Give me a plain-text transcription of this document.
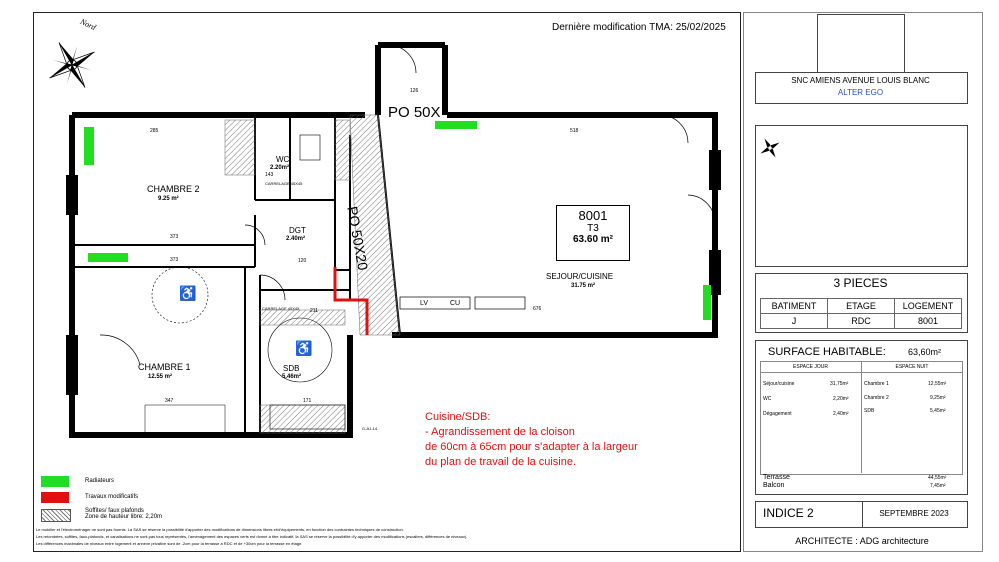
Dernière modification TMA: 25/02/2025
Nord
285
373
373
347
143
120
126
518
676
171
211
CHAMBRE 2
9.25 m²
WC
2.20m²
DGT
2.40m²
SEJOUR/CUISINE
31.75 m²
CHAMBRE 1
12.55 m²
SDB
5.46m²
♿
♿
8001
T3
63.60 m²
PO 50X
PO 50X20
LV	CU
G-A1-14
CARRELAGE 45X45
CARRELAGE 45X45
Cuisine/SDB:
- Agrandissement de la cloison
de 60cm à 65cm pour s’adapter à la largeur
du plan de travail de la cuisine.
Radiateurs
Travaux modificatifs
Soffites/ faux plafonds
Zone de hauteur libre: 2,20m
Le mobilier et l'électroménager ne sont pas fournis. La SAS se réserve la possibilité d'apporter des modifications de dimensions libres et/d'équipements, en fonction des contraintes techniques de construction.
Les retombées, soffites, faux-plafonds, et canalisations ne sont pas tous représentés, l'aménagement des espaces verts est donné à titre indicatif, la SAS se réserve la possibilité d'y apporter des modifications (escaliers, différences de niveaux).
Les différences maximales de niveaux entre logement et annexe privative sont de -2cm pour la terrasse à RDC et de +30cm pour la terrasse en étage.
SNC AMIENS AVENUE LOUIS BLANC
ALTER EGO
3 PIECES
BATIMENT	ETAGE	LOGEMENT
J	RDC	8001
SURFACE HABITABLE: 63,60m²
ESPACE JOUR	ESPACE NUIT
Séjour/cuisine	31,75m²
WC	2,20m²
Dégagement	2,40m²
Chambre 1	12,55m²
Chambre 2	9,25m²
SDB	5,45m²
Terrasse	44,55m²
Balcon	7,45m²
INDICE 2	SEPTEMBRE 2023
ARCHITECTE : ADG architecture
